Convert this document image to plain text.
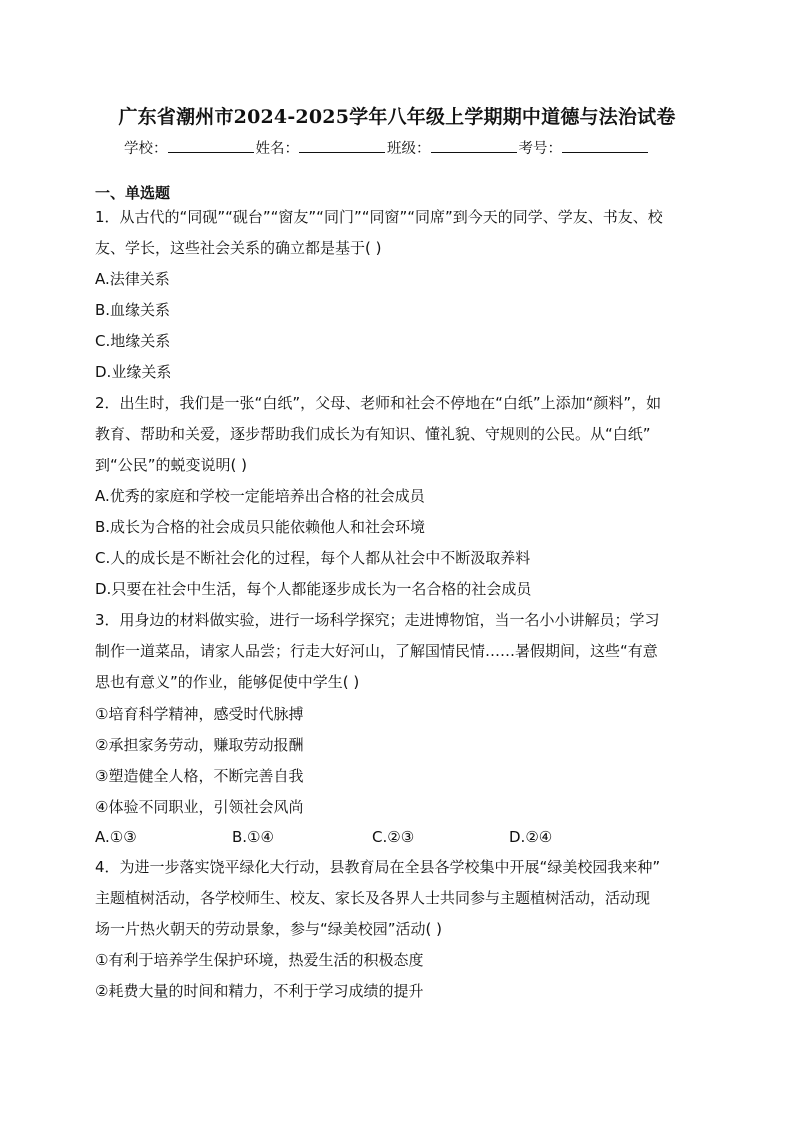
广东省潮州市2024-2025学年八年级上学期期中道德与法治试卷
学校：	姓名：	班级：	考号：
一、单选题
1．从古代的“同砚”“砚台”“窗友”“同门”“同窗”“同席”到今天的同学、学友、书友、校
友、学长，这些社会关系的确立都是基于( )
A.法律关系
B.血缘关系
C.地缘关系
D.业缘关系
2．出生时，我们是一张“白纸”，父母、老师和社会不停地在“白纸”上添加“颜料”，如
教育、帮助和关爱，逐步帮助我们成长为有知识、懂礼貌、守规则的公民。从“白纸”
到“公民”的蜕变说明( )
A.优秀的家庭和学校一定能培养出合格的社会成员
B.成长为合格的社会成员只能依赖他人和社会环境
C.人的成长是不断社会化的过程，每个人都从社会中不断汲取养料
D.只要在社会中生活，每个人都能逐步成长为一名合格的社会成员
3．用身边的材料做实验，进行一场科学探究；走进博物馆，当一名小小讲解员；学习
制作一道菜品，请家人品尝；行走大好河山，了解国情民情……暑假期间，这些“有意
思也有意义”的作业，能够促使中学生( )
①培育科学精神，感受时代脉搏
②承担家务劳动，赚取劳动报酬
③塑造健全人格，不断完善自我
④体验不同职业，引领社会风尚
A.①③	B.①④	C.②③	D.②④
4．为进一步落实饶平绿化大行动，县教育局在全县各学校集中开展“绿美校园我来种”
主题植树活动，各学校师生、校友、家长及各界人士共同参与主题植树活动，活动现
场一片热火朝天的劳动景象，参与“绿美校园”活动( )
①有利于培养学生保护环境，热爱生活的积极态度
②耗费大量的时间和精力，不利于学习成绩的提升
